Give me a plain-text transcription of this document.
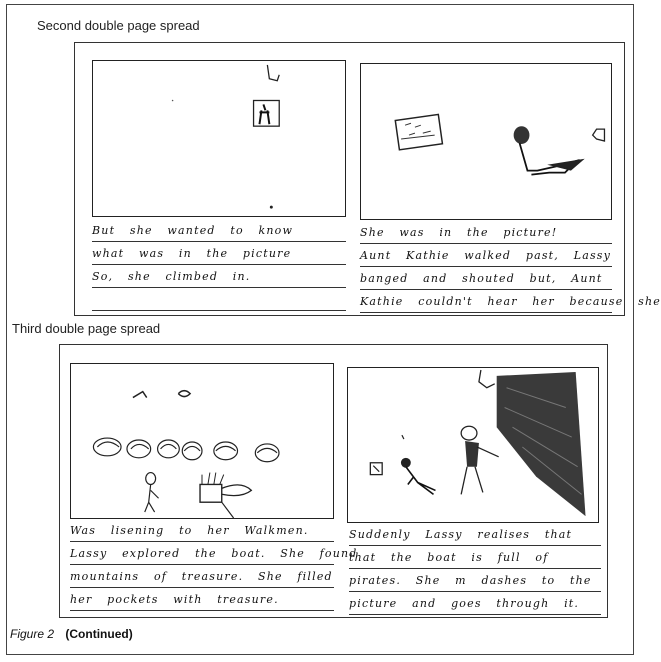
Second double page spread
But she wanted to know
what was in the picture
So, she climbed in.
She was in the picture!
Aunt Kathie walked past, Lassy
banged and shouted but, Aunt
Kathie couldn't hear her because she
Third double page spread
Was lisening to her Walkmen.
Lassy explored the boat. She found
mountains of treasure. She filled
her pockets with treasure.
Suddenly Lassy realises that
that the boat is full of
pirates. She m dashes to the
picture and goes through it.
Figure 2 (Continued)
